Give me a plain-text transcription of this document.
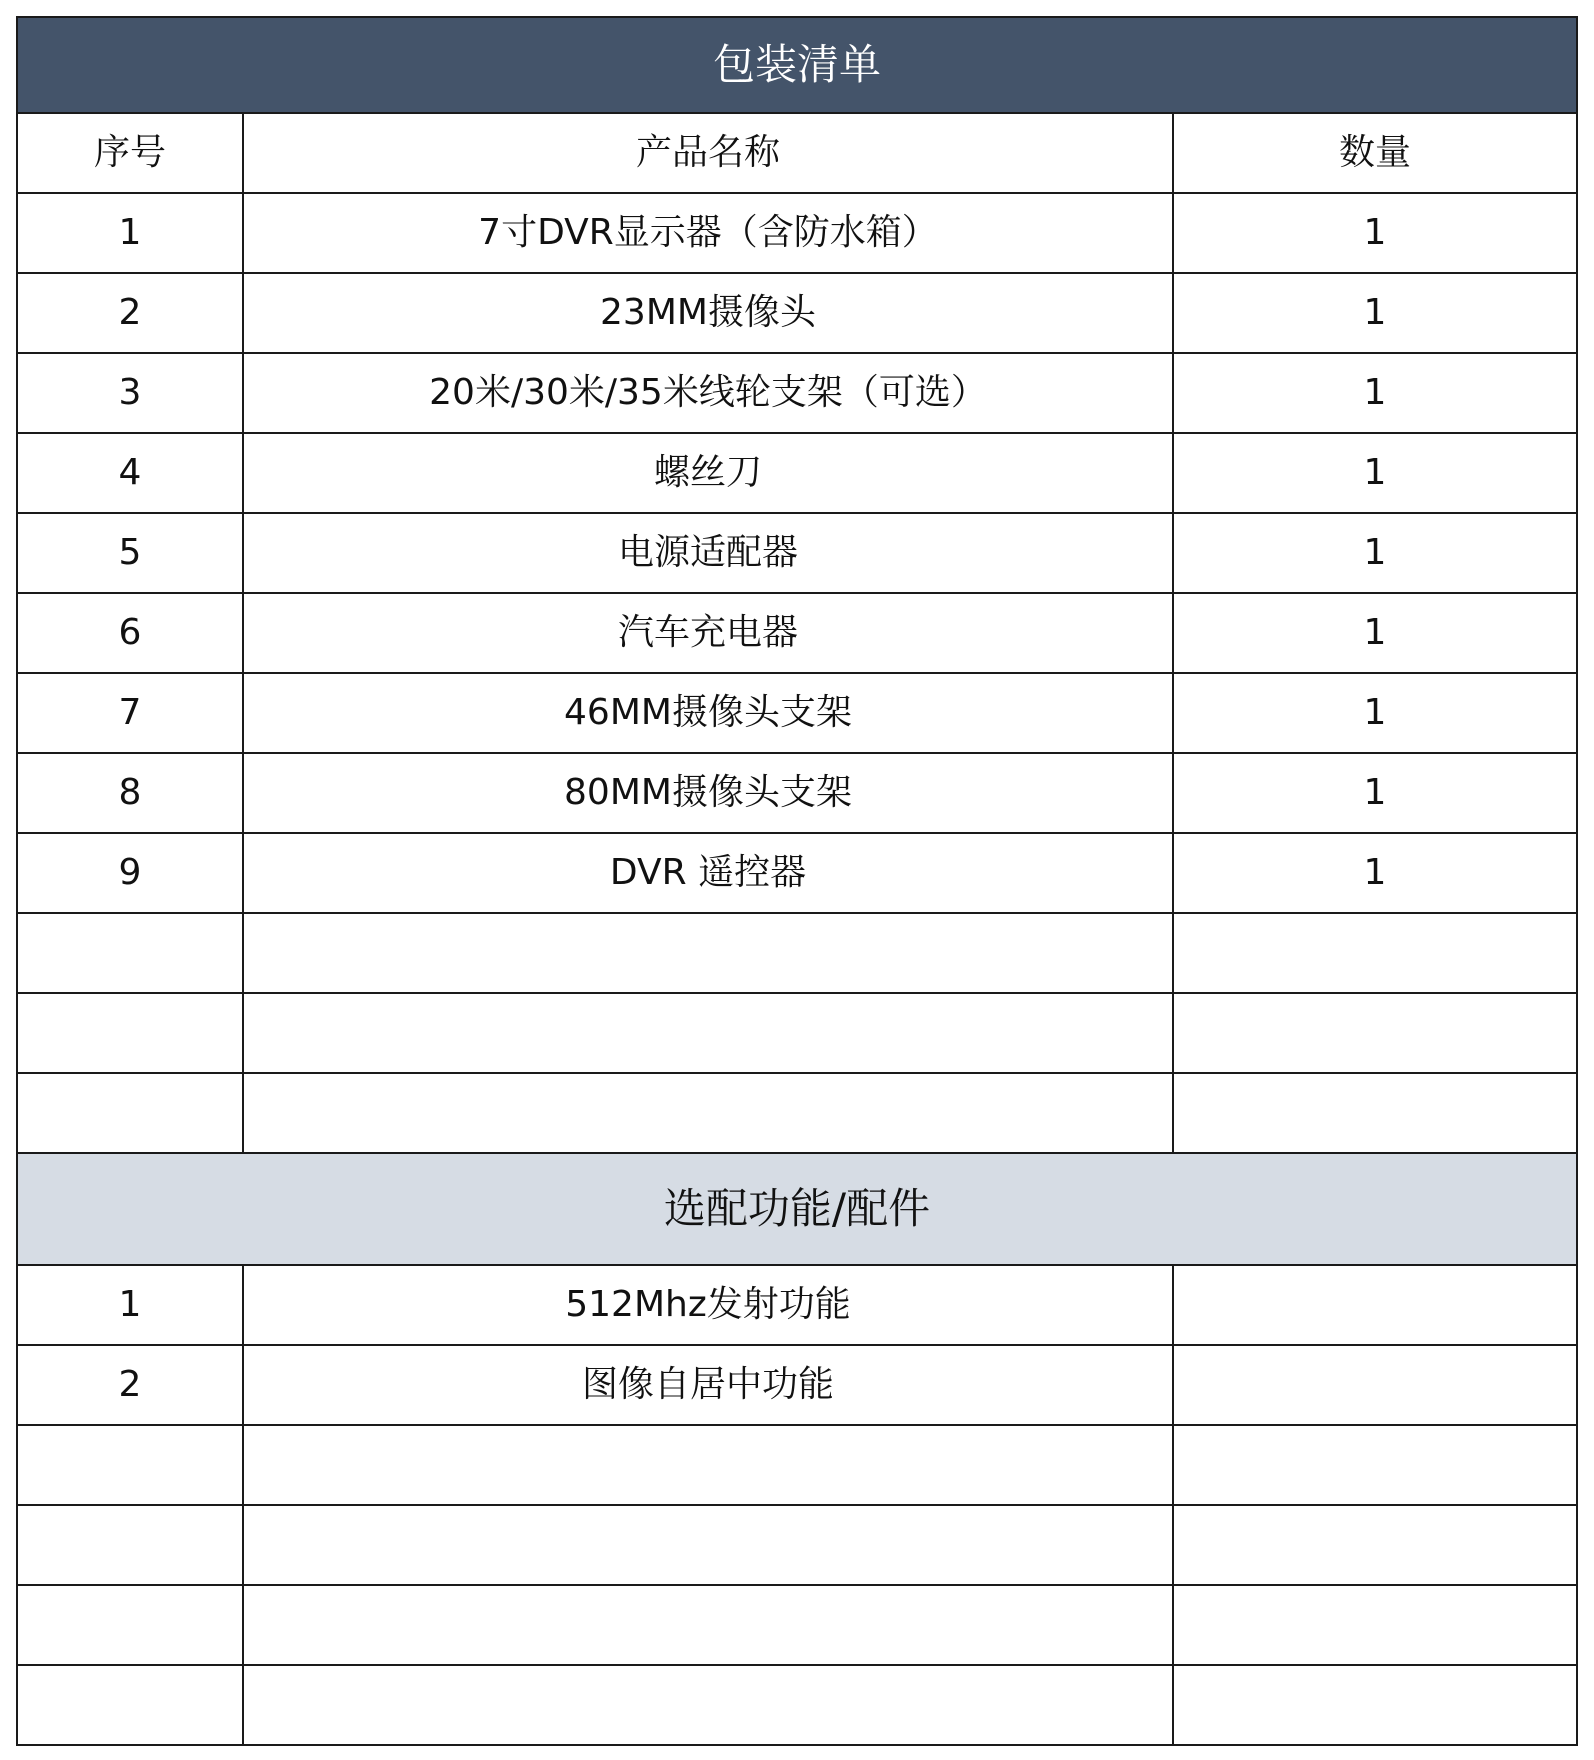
包装清单		
序号	产品名称	数量
1	7寸DVR显示器（含防水箱）	1
2	23MM摄像头	1
3	20米/30米/35米线轮支架（可选）	1
4	螺丝刀	1
5	电源适配器	1
6	汽车充电器	1
7	46MM摄像头支架	1
8	80MM摄像头支架	1
9	DVR 遥控器	1

选配功能/配件		
1	512Mhz发射功能	
2	图像自居中功能	
